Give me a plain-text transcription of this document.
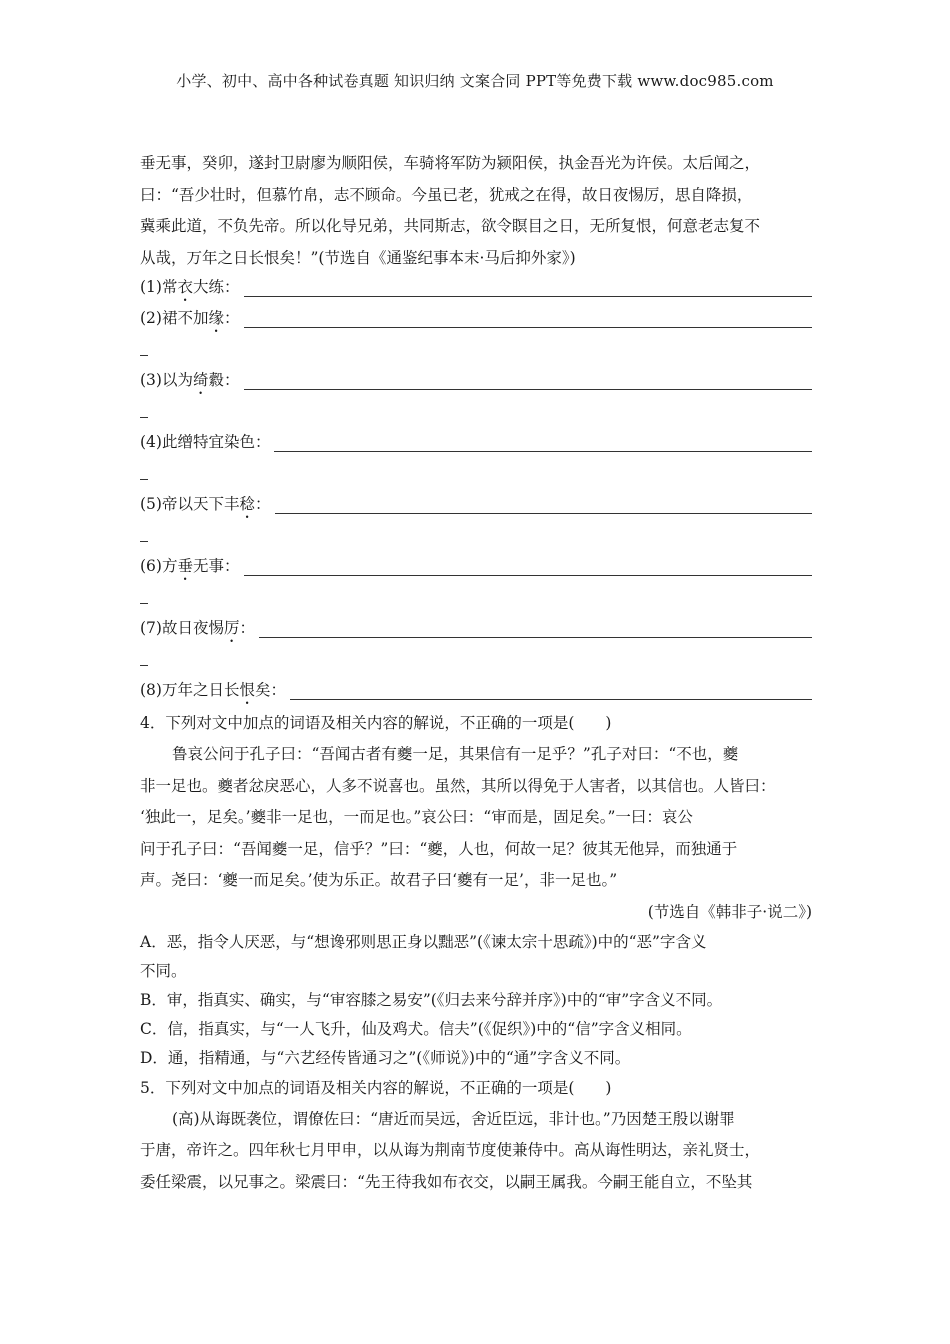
小学、初中、高中各种试卷真题 知识归纳 文案合同 PPT等免费下载 www.doc985.com

垂无事，癸卯，遂封卫尉廖为顺阳侯，车骑将军防为颍阳侯，执金吾光为许侯。太后闻之，

曰：“吾少壮时，但慕竹帛，志不顾命。今虽已老，犹戒之在得，故日夜惕厉，思自降损，

冀乘此道，不负先帝。所以化导兄弟，共同斯志，欲令瞑目之日，无所复恨，何意老志复不

从哉，万年之日长恨矣！”(节选自《通鉴纪事本末·马后抑外家》)

(1)常衣大练：
(2)裙不加缘：
(3)以为绮縠：
(4)此缯特宜染色：
(5)帝以天下丰稔：
(6)方垂无事：
(7)故日夜惕厉：
(8)万年之日长恨矣：

4．下列对文中加点的词语及相关内容的解说，不正确的一项是(　　)

鲁哀公问于孔子曰：“吾闻古者有夔一足，其果信有一足乎？”孔子对曰：“不也，夔

非一足也。夔者忿戾恶心，人多不说喜也。虽然，其所以得免于人害者，以其信也。人皆曰：

‘独此一，足矣。’夔非一足也，一而足也。”哀公曰：“审而是，固足矣。”一曰：哀公

问于孔子曰：“吾闻夔一足，信乎？”曰：“夔，人也，何故一足？彼其无他异，而独通于

声。尧曰：‘夔一而足矣。’使为乐正。故君子曰‘夔有一足’，非一足也。”

(节选自《韩非子·说二》)

A．恶，指令人厌恶，与“想谗邪则思正身以黜恶”(《谏太宗十思疏》)中的“恶”字含义

不同。

B．审，指真实、确实，与“审容膝之易安”(《归去来兮辞并序》)中的“审”字含义不同。

C．信，指真实，与“一人飞升，仙及鸡犬。信夫”(《促织》)中的“信”字含义相同。

D．通，指精通，与“六艺经传皆通习之”(《师说》)中的“通”字含义不同。

5．下列对文中加点的词语及相关内容的解说，不正确的一项是(　　)

(高)从诲既袭位，谓僚佐曰：“唐近而吴远，舍近臣远，非计也。”乃因楚王殷以谢罪

于唐，帝许之。四年秋七月甲申，以从诲为荆南节度使兼侍中。高从诲性明达，亲礼贤士，

委任梁震，以兄事之。梁震曰：“先王待我如布衣交，以嗣王属我。今嗣王能自立，不坠其
